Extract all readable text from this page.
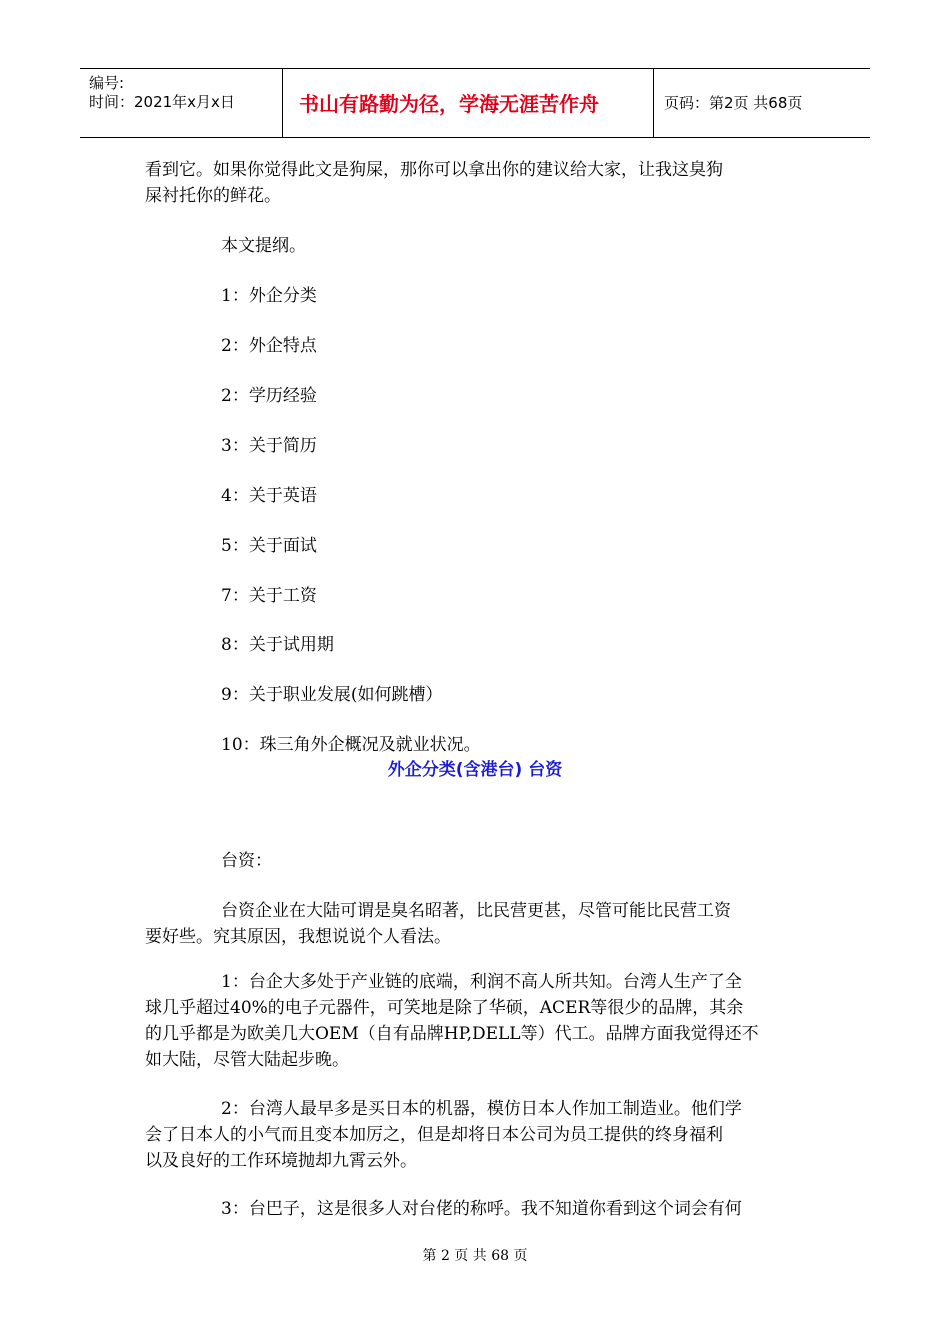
编号:
时间：2021年x月x日	书山有路勤为径，学海无涯苦作舟	页码：第2页 共68页
看到它。如果你觉得此文是狗屎，那你可以拿出你的建议给大家，让我这臭狗
屎衬托你的鲜花。
本文提纲。
1：外企分类
2：外企特点
2：学历经验
3：关于简历
4：关于英语
5：关于面试
7：关于工资
8：关于试用期
9：关于职业发展(如何跳槽）
10：珠三角外企概况及就业状况。
外企分类(含港台) 台资
台资：
台资企业在大陆可谓是臭名昭著，比民营更甚，尽管可能比民营工资
要好些。究其原因，我想说说个人看法。
1：台企大多处于产业链的底端，利润不高人所共知。台湾人生产了全
球几乎超过40%的电子元器件，可笑地是除了华硕，ACER等很少的品牌，其余
的几乎都是为欧美几大OEM（自有品牌HP,DELL等）代工。品牌方面我觉得还不
如大陆，尽管大陆起步晚。
2：台湾人最早多是买日本的机器，模仿日本人作加工制造业。他们学
会了日本人的小气而且变本加厉之，但是却将日本公司为员工提供的终身福利
以及良好的工作环境抛却九霄云外。
3：台巴子，这是很多人对台佬的称呼。我不知道你看到这个词会有何
第 2 页 共 68 页
